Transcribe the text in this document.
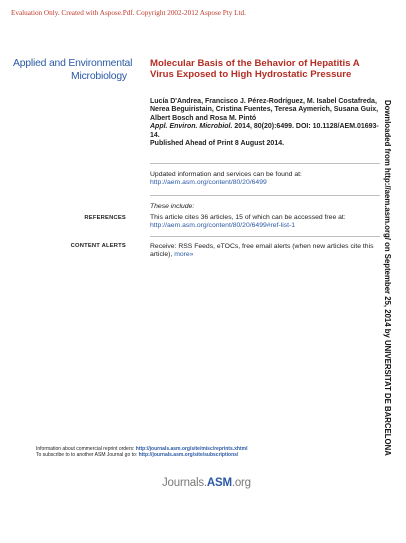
Evaluation Only. Created with Aspose.Pdf. Copyright 2002-2012 Aspose Pty Ltd.
Applied and Environmental
Microbiology
Molecular Basis of the Behavior of Hepatitis A Virus Exposed to High Hydrostatic Pressure
Lucía D'Andrea, Francisco J. Pérez-Rodríguez, M. Isabel Costafreda, Nerea Beguiristain, Cristina Fuentes, Teresa Aymerich, Susana Guix, Albert Bosch and Rosa M. Pintó
Appl. Environ. Microbiol. 2014, 80(20):6499. DOI: 10.1128/AEM.01693-14.
Published Ahead of Print 8 August 2014.	Downloaded from http://aem.asm.org/ on September 25, 2014 by UNIVERSITAT DE BARCELONA
Updated information and services can be found at:
http://aem.asm.org/content/80/20/6499
These include:
REFERENCES	This article cites 36 articles, 15 of which can be accessed free at: http://aem.asm.org/content/80/20/6499#ref-list-1
CONTENT ALERTS	Receive: RSS Feeds, eTOCs, free email alerts (when new articles cite this article), more»
Information about commercial reprint orders: http://journals.asm.org/site/misc/reprints.xhtml
To subscribe to to another ASM Journal go to: http://journals.asm.org/site/subscriptions/
Journals.ASM.org
